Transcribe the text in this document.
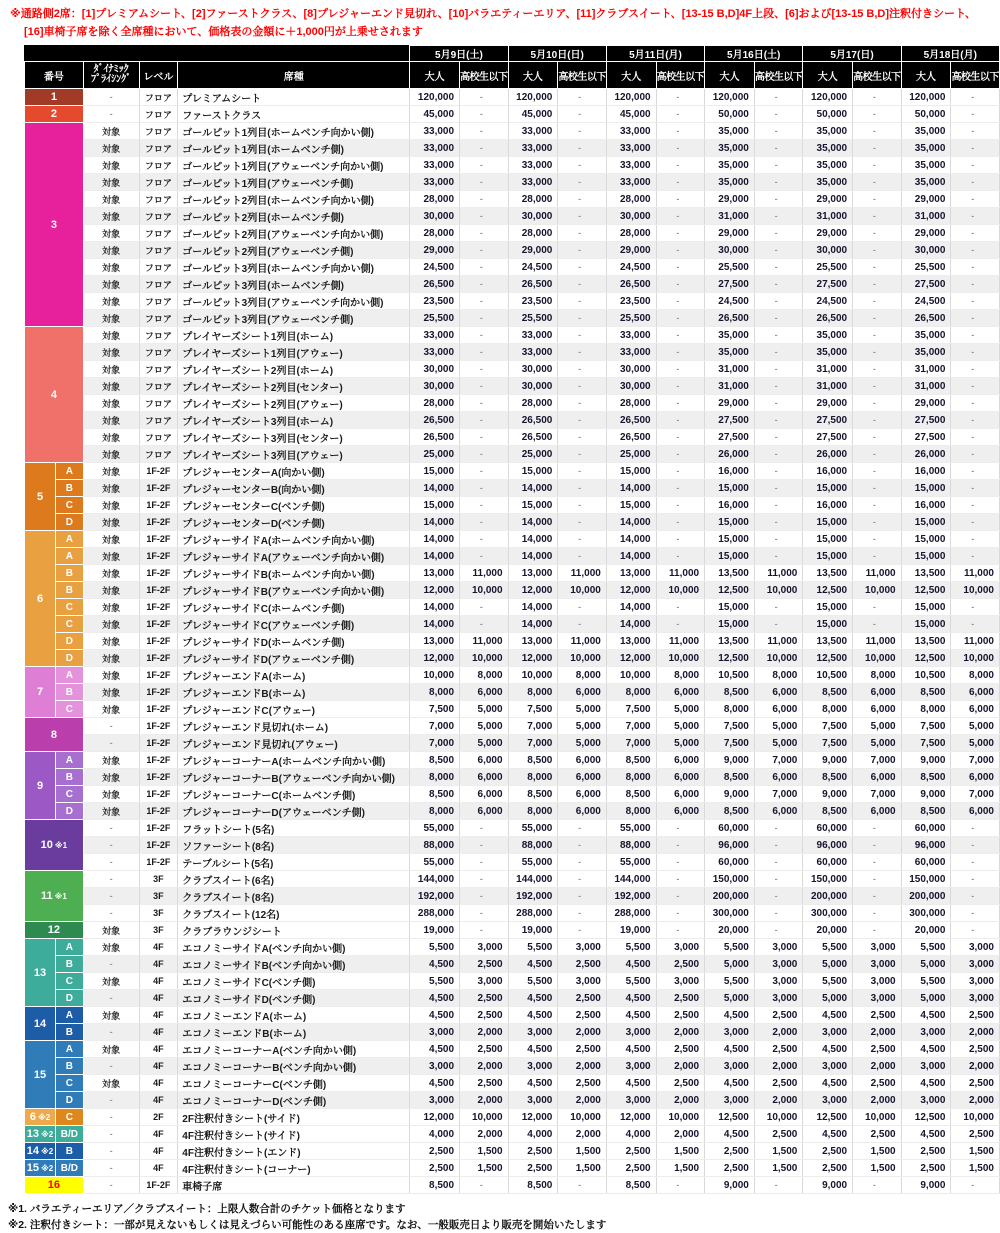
※通路側2席：[1]プレミアムシート、[2]ファーストクラス、[8]プレジャーエンド見切れ、[10]バラエティーエリア、[11]クラブスイート、[13-15 B,D]4F上段、[6]および[13-15 B,D]注釈付きシート、
[16]車椅子席を除く全席種において、価格表の金額に＋1,000円が上乗せされます
					5月9日(土)		5月10日(日)		5月11日(月)		5月16日(土)		5月17(日)		5月18日(月)	
番号		ﾀﾞｲﾅﾐｯｸ
ﾌﾟﾗｲｼﾝｸﾞ	レベル	席種	大人	高校生以下	大人	高校生以下	大人	高校生以下	大人	高校生以下	大人	高校生以下	大人	高校生以下
1		-	フロア	プレミアムシート	120,000	-	120,000	-	120,000	-	120,000	-	120,000	-	120,000	-
2		-	フロア	ファーストクラス	45,000	-	45,000	-	45,000	-	50,000	-	50,000	-	50,000	-
3		対象	フロア	ゴールピット1列目(ホームベンチ向かい側)	33,000	-	33,000	-	33,000	-	35,000	-	35,000	-	35,000	-
		対象	フロア	ゴールピット1列目(ホームベンチ側)	33,000	-	33,000	-	33,000	-	35,000	-	35,000	-	35,000	-
		対象	フロア	ゴールピット1列目(アウェーベンチ向かい側)	33,000	-	33,000	-	33,000	-	35,000	-	35,000	-	35,000	-
		対象	フロア	ゴールピット1列目(アウェーベンチ側)	33,000	-	33,000	-	33,000	-	35,000	-	35,000	-	35,000	-
		対象	フロア	ゴールピット2列目(ホームベンチ向かい側)	28,000	-	28,000	-	28,000	-	29,000	-	29,000	-	29,000	-
		対象	フロア	ゴールピット2列目(ホームベンチ側)	30,000	-	30,000	-	30,000	-	31,000	-	31,000	-	31,000	-
		対象	フロア	ゴールピット2列目(アウェーベンチ向かい側)	28,000	-	28,000	-	28,000	-	29,000	-	29,000	-	29,000	-
		対象	フロア	ゴールピット2列目(アウェーベンチ側)	29,000	-	29,000	-	29,000	-	30,000	-	30,000	-	30,000	-
		対象	フロア	ゴールピット3列目(ホームベンチ向かい側)	24,500	-	24,500	-	24,500	-	25,500	-	25,500	-	25,500	-
		対象	フロア	ゴールピット3列目(ホームベンチ側)	26,500	-	26,500	-	26,500	-	27,500	-	27,500	-	27,500	-
		対象	フロア	ゴールピット3列目(アウェーベンチ向かい側)	23,500	-	23,500	-	23,500	-	24,500	-	24,500	-	24,500	-
		対象	フロア	ゴールピット3列目(アウェーベンチ側)	25,500	-	25,500	-	25,500	-	26,500	-	26,500	-	26,500	-
4		対象	フロア	プレイヤーズシート1列目(ホーム)	33,000	-	33,000	-	33,000	-	35,000	-	35,000	-	35,000	-
		対象	フロア	プレイヤーズシート1列目(アウェー)	33,000	-	33,000	-	33,000	-	35,000	-	35,000	-	35,000	-
		対象	フロア	プレイヤーズシート2列目(ホーム)	30,000	-	30,000	-	30,000	-	31,000	-	31,000	-	31,000	-
		対象	フロア	プレイヤーズシート2列目(センター)	30,000	-	30,000	-	30,000	-	31,000	-	31,000	-	31,000	-
		対象	フロア	プレイヤーズシート2列目(アウェー)	28,000	-	28,000	-	28,000	-	29,000	-	29,000	-	29,000	-
		対象	フロア	プレイヤーズシート3列目(ホーム)	26,500	-	26,500	-	26,500	-	27,500	-	27,500	-	27,500	-
		対象	フロア	プレイヤーズシート3列目(センター)	26,500	-	26,500	-	26,500	-	27,500	-	27,500	-	27,500	-
		対象	フロア	プレイヤーズシート3列目(アウェー)	25,000	-	25,000	-	25,000	-	26,000	-	26,000	-	26,000	-
5	A	対象	1F-2F	プレジャーセンターA(向かい側)	15,000	-	15,000	-	15,000	-	16,000	-	16,000	-	16,000	-
	B	対象	1F-2F	プレジャーセンターB(向かい側)	14,000	-	14,000	-	14,000	-	15,000	-	15,000	-	15,000	-
	C	対象	1F-2F	プレジャーセンターC(ベンチ側)	15,000	-	15,000	-	15,000	-	16,000	-	16,000	-	16,000	-
	D	対象	1F-2F	プレジャーセンターD(ベンチ側)	14,000	-	14,000	-	14,000	-	15,000	-	15,000	-	15,000	-
6	A	対象	1F-2F	プレジャーサイドA(ホームベンチ向かい側)	14,000	-	14,000	-	14,000	-	15,000	-	15,000	-	15,000	-
	A	対象	1F-2F	プレジャーサイドA(アウェーベンチ向かい側)	14,000	-	14,000	-	14,000	-	15,000	-	15,000	-	15,000	-
	B	対象	1F-2F	プレジャーサイドB(ホームベンチ向かい側)	13,000	11,000	13,000	11,000	13,000	11,000	13,500	11,000	13,500	11,000	13,500	11,000
	B	対象	1F-2F	プレジャーサイドB(アウェーベンチ向かい側)	12,000	10,000	12,000	10,000	12,000	10,000	12,500	10,000	12,500	10,000	12,500	10,000
	C	対象	1F-2F	プレジャーサイドC(ホームベンチ側)	14,000	-	14,000	-	14,000	-	15,000	-	15,000	-	15,000	-
	C	対象	1F-2F	プレジャーサイドC(アウェーベンチ側)	14,000	-	14,000	-	14,000	-	15,000	-	15,000	-	15,000	-
	D	対象	1F-2F	プレジャーサイドD(ホームベンチ側)	13,000	11,000	13,000	11,000	13,000	11,000	13,500	11,000	13,500	11,000	13,500	11,000
	D	対象	1F-2F	プレジャーサイドD(アウェーベンチ側)	12,000	10,000	12,000	10,000	12,000	10,000	12,500	10,000	12,500	10,000	12,500	10,000
7	A	対象	1F-2F	プレジャーエンドA(ホーム)	10,000	8,000	10,000	8,000	10,000	8,000	10,500	8,000	10,500	8,000	10,500	8,000
	B	対象	1F-2F	プレジャーエンドB(ホーム)	8,000	6,000	8,000	6,000	8,000	6,000	8,500	6,000	8,500	6,000	8,500	6,000
	C	対象	1F-2F	プレジャーエンドC(アウェー)	7,500	5,000	7,500	5,000	7,500	5,000	8,000	6,000	8,000	6,000	8,000	6,000
8		-	1F-2F	プレジャーエンド見切れ(ホーム)	7,000	5,000	7,000	5,000	7,000	5,000	7,500	5,000	7,500	5,000	7,500	5,000
		-	1F-2F	プレジャーエンド見切れ(アウェー)	7,000	5,000	7,000	5,000	7,000	5,000	7,500	5,000	7,500	5,000	7,500	5,000
9	A	対象	1F-2F	プレジャーコーナーA(ホームベンチ向かい側)	8,500	6,000	8,500	6,000	8,500	6,000	9,000	7,000	9,000	7,000	9,000	7,000
	B	対象	1F-2F	プレジャーコーナーB(アウェーベンチ向かい側)	8,000	6,000	8,000	6,000	8,000	6,000	8,500	6,000	8,500	6,000	8,500	6,000
	C	対象	1F-2F	プレジャーコーナーC(ホームベンチ側)	8,500	6,000	8,500	6,000	8,500	6,000	9,000	7,000	9,000	7,000	9,000	7,000
	D	対象	1F-2F	プレジャーコーナーD(アウェーベンチ側)	8,000	6,000	8,000	6,000	8,000	6,000	8,500	6,000	8,500	6,000	8,500	6,000
10 ※1		-	1F-2F	フラットシート(5名)	55,000	-	55,000	-	55,000	-	60,000	-	60,000	-	60,000	-
		-	1F-2F	ソファーシート(8名)	88,000	-	88,000	-	88,000	-	96,000	-	96,000	-	96,000	-
		-	1F-2F	テーブルシート(5名)	55,000	-	55,000	-	55,000	-	60,000	-	60,000	-	60,000	-
11 ※1		-	3F	クラブスイート(6名)	144,000	-	144,000	-	144,000	-	150,000	-	150,000	-	150,000	-
		-	3F	クラブスイート(8名)	192,000	-	192,000	-	192,000	-	200,000	-	200,000	-	200,000	-
		-	3F	クラブスイート(12名)	288,000	-	288,000	-	288,000	-	300,000	-	300,000	-	300,000	-
12		対象	3F	クラブラウンジシート	19,000	-	19,000	-	19,000	-	20,000	-	20,000	-	20,000	-
13	A	対象	4F	エコノミーサイドA(ベンチ向かい側)	5,500	3,000	5,500	3,000	5,500	3,000	5,500	3,000	5,500	3,000	5,500	3,000
	B	-	4F	エコノミーサイドB(ベンチ向かい側)	4,500	2,500	4,500	2,500	4,500	2,500	5,000	3,000	5,000	3,000	5,000	3,000
	C	対象	4F	エコノミーサイドC(ベンチ側)	5,500	3,000	5,500	3,000	5,500	3,000	5,500	3,000	5,500	3,000	5,500	3,000
	D	-	4F	エコノミーサイドD(ベンチ側)	4,500	2,500	4,500	2,500	4,500	2,500	5,000	3,000	5,000	3,000	5,000	3,000
14	A	対象	4F	エコノミーエンドA(ホーム)	4,500	2,500	4,500	2,500	4,500	2,500	4,500	2,500	4,500	2,500	4,500	2,500
	B	-	4F	エコノミーエンドB(ホーム)	3,000	2,000	3,000	2,000	3,000	2,000	3,000	2,000	3,000	2,000	3,000	2,000
15	A	対象	4F	エコノミーコーナーA(ベンチ向かい側)	4,500	2,500	4,500	2,500	4,500	2,500	4,500	2,500	4,500	2,500	4,500	2,500
	B	-	4F	エコノミーコーナーB(ベンチ向かい側)	3,000	2,000	3,000	2,000	3,000	2,000	3,000	2,000	3,000	2,000	3,000	2,000
	C	対象	4F	エコノミーコーナーC(ベンチ側)	4,500	2,500	4,500	2,500	4,500	2,500	4,500	2,500	4,500	2,500	4,500	2,500
	D	-	4F	エコノミーコーナーD(ベンチ側)	3,000	2,000	3,000	2,000	3,000	2,000	3,000	2,000	3,000	2,000	3,000	2,000
6 ※2	C	-	2F	2F注釈付きシート(サイド)	12,000	10,000	12,000	10,000	12,000	10,000	12,500	10,000	12,500	10,000	12,500	10,000
13 ※2	B/D	-	4F	4F注釈付きシート(サイド)	4,000	2,000	4,000	2,000	4,000	2,000	4,500	2,500	4,500	2,500	4,500	2,500
14 ※2	B	-	4F	4F注釈付きシート(エンド)	2,500	1,500	2,500	1,500	2,500	1,500	2,500	1,500	2,500	1,500	2,500	1,500
15 ※2	B/D	-	4F	4F注釈付きシート(コーナー)	2,500	1,500	2,500	1,500	2,500	1,500	2,500	1,500	2,500	1,500	2,500	1,500
16		-	1F-2F	車椅子席	8,500	-	8,500	-	8,500	-	9,000	-	9,000	-	9,000	-
※1. バラエティーエリア／クラブスイート：上限人数合計のチケット価格となります
※2. 注釈付きシート：一部が見えないもしくは見えづらい可能性のある座席です。なお、一般販売日より販売を開始いたします
